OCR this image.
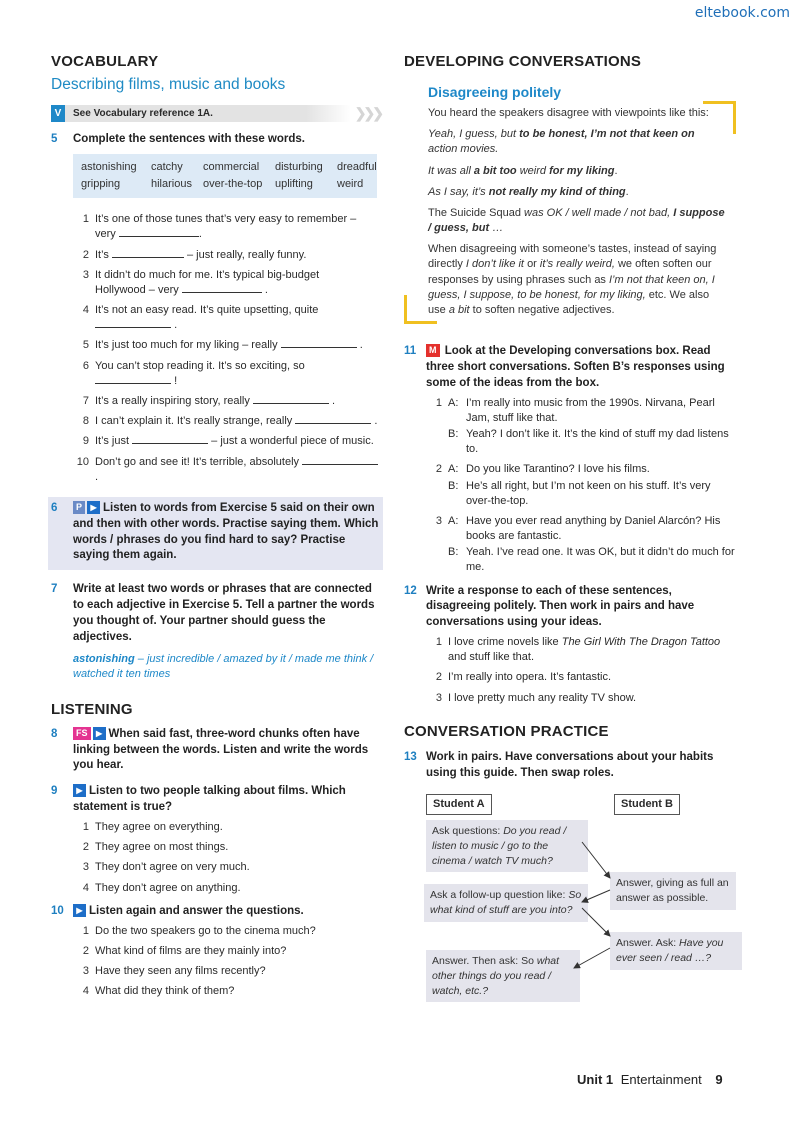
eltebook.com
VOCABULARY
Describing films, music and books
V	See Vocabulary reference 1A.	❯❯❯
5	Complete the sentences with these words.
astonishing	catchy	commercial	disturbing	dreadful
gripping	hilarious	over-the-top	uplifting	weird
1 It’s one of those tunes that’s very easy to remember –
very	.
2 It’s	– just really, really funny.
3 It didn’t do much for me. It’s typical big-budget
Hollywood – very	.
4 It’s not an easy read. It’s quite upsetting, quite
.
5 It’s just too much for my liking – really	.
6 You can’t stop reading it. It’s so exciting, so
!
7 It’s a really inspiring story, really	.
8 I can’t explain it. It’s really strange, really	.
9 It’s just	– just a wonderful piece of music.
10 Don’t go and see it! It’s terrible, absolutely  .
6	P ▶ Listen to words from Exercise 5 said on their own and then with other words. Practise saying them. Which words / phrases do you find hard to say? Practise saying them again.
7	Write at least two words or phrases that are connected to each adjective in Exercise 5. Tell a partner the words you thought of. Your partner should guess the adjectives.
astonishing – just incredible / amazed by it / made me think / watched it ten times
LISTENING
8	FS ▶ When said fast, three-word chunks often have linking between the words. Listen and write the words you hear.
9	▶ Listen to two people talking about films. Which statement is true?
1 They agree on everything.
2 They agree on most things.
3 They don’t agree on very much.
4 They don’t agree on anything.
10	▶ Listen again and answer the questions.
1 Do the two speakers go to the cinema much?
2 What kind of films are they mainly into?
3 Have they seen any films recently?
4 What did they think of them?
DEVELOPING CONVERSATIONS
Disagreeing politely

You heard the speakers disagree with viewpoints like this:

Yeah, I guess, but to be honest, I’m not that keen on action movies.

It was all a bit too weird for my liking.

As I say, it’s not really my kind of thing.

The Suicide Squad was OK / well made / not bad, I suppose / guess, but …

When disagreeing with someone’s tastes, instead of saying directly I don’t like it or it’s really weird, we often soften our responses by using phrases such as I’m not that keen on, I guess, I suppose, to be honest, for my liking, etc. We also use a bit to soften negative adjectives.

11	M Look at the Developing conversations box. Read three short conversations. Soften B’s responses using some of the ideas from the box.
1 A: I’m really into music from the 1990s. Nirvana, Pearl Jam, stuff like that.
B: Yeah? I don’t like it. It’s the kind of stuff my dad listens to.
2 A: Do you like Tarantino? I love his films.
B: He’s all right, but I’m not keen on his stuff. It’s very over-the-top.
3 A: Have you ever read anything by Daniel Alarcón? His books are fantastic.
B: Yeah. I’ve read one. It was OK, but it didn’t do much for me.
12 Write a response to each of these sentences, disagreeing politely. Then work in pairs and have conversations using your ideas.
1 I love crime novels like The Girl With The Dragon Tattoo and stuff like that.
2 I’m really into opera. It’s fantastic.
3 I love pretty much any reality TV show.
CONVERSATION PRACTICE
13 Work in pairs. Have conversations about your habits using this guide. Then swap roles.
Student A	Student B
Ask questions: Do you read / listen to music / go to the cinema / watch TV much?
Answer, giving as full an answer as possible.
Ask a follow-up question like: So what kind of stuff are you into?
Answer. Ask: Have you ever seen / read …?
Answer. Then ask: So what other things do you read / watch, etc.?
Unit 1 Entertainment 9
